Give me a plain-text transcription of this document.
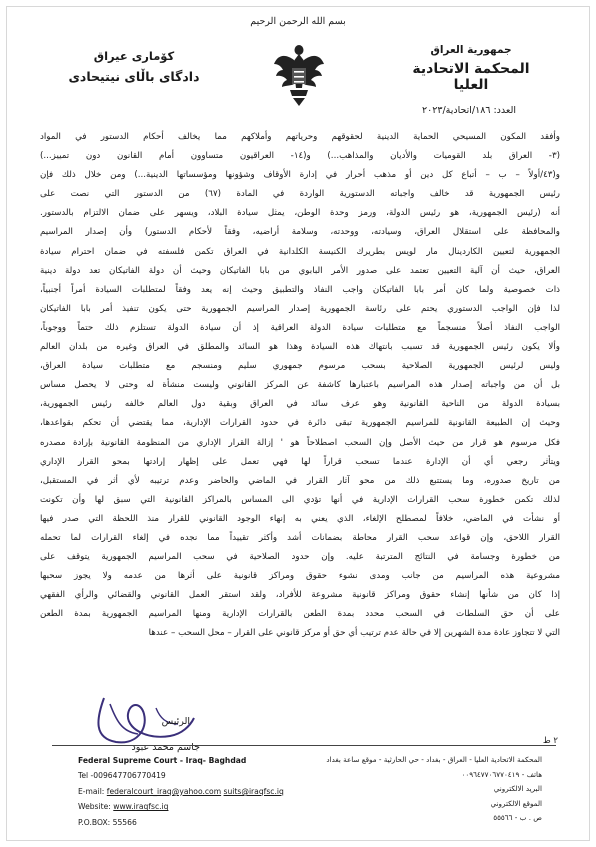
بسم الله الرحمن الرحيم
جمهورية العراق
المحكمة الاتحادية العليا
العدد: ١٨٦/اتحادية/٢٠٢٣
كۆماری عیراق
دادگای باڵای نیتیحادی

وأفقد المكون المسيحي الحماية الدينية لحقوقهم وحرياتهم وأملاكهم مما يخالف أحكام الدستور في المواد

(٣- العراق بلد القوميات والأديان والمذاهب...) و(١٤- العراقيون متساوون أمام القانون دون تمييز...)

و(٤٣/أولاً – ب – أتباع كل دين أو مذهب أحرار في إدارة الأوقاف وشؤونها ومؤسساتها الدينية...) ومن خلال ذلك فإن

رئيس الجمهورية قد خالف واجباته الدستورية الواردة في المادة (٦٧) من الدستور التي نصت على

أنه (رئيس الجمهورية، هو رئيس الدولة، ورمز وحدة الوطن، يمثل سيادة البلاد، ويسهر على ضمان الالتزام بالدستور.

والمحافظة على استقلال العراق، وسيادته، ووحدته، وسلامة أراضيه، وفقاً لأحكام الدستور) وأن إصدار المراسيم

الجمهورية لتعيين الكاردينال مار لويس بطريرك الكنيسة الكلدانية في العراق تكمن فلسفته في ضمان احترام سيادة

العراق، حيث أن آلية التعيين تعتمد على صدور الأمر البابوي من بابا الفاتيكان وحيث أن دولة الفاتيكان تعد دولة دينية

ذات خصوصية ولما كان أمر بابا الفاتيكان واجب النفاذ والتطبيق وحيث إنه يعد وفقاً لمتطلبات السيادة أمراً أجنبياً،

لذا فإن الواجب الدستوري يحتم على رئاسة الجمهورية إصدار المراسيم الجمهورية حتى يكون تنفيذ أمر بابا الفاتيكان

الواجب النفاذ أصلاً منسجماً مع متطلبات سيادة الدولة العراقية إذ أن سيادة الدولة تستلزم ذلك حتماً ووجوباً،

وألا يكون رئيس الجمهورية قد تسبب بانتهاك هذه السيادة وهذا هو السائد والمطلق في العراق وغيره من بلدان العالم

وليس لرئيس الجمهورية الصلاحية بسحب مرسوم جمهوري سليم ومنسجم مع متطلبات سيادة العراق،

بل أن من واجباته إصدار هذه المراسيم باعتبارها كاشفة عن المركز القانوني وليست منشأة له وحتى لا يحصل مساس

بسيادة الدولة من الناحية القانونية وهو عرف سائد في العراق وبقية دول العالم خالفه رئيس الجمهورية،

وحيث إن الطبيعة القانونية للمراسيم الجمهورية تبقى دائرة في حدود القرارات الإدارية، مما يقتضي أن تحكم بقواعدها،

فكل مرسوم هو قرار من حيث الأصل وإن السحب اصطلاحاً هو ' إزالة القرار الإداري من المنظومة القانونية بإرادة مصدره

ويتأثر رجعي أي أن الإدارة عندما تسحب قراراً لها فهي تعمل على إظهار إرادتها بمحو القرار الإداري

من تاريخ صدوره، وما يستتبع ذلك من محو آثار القرار في الماضي والحاضر وعدم ترتيبه لأي أثر في المستقبل،

لذلك تكمن خطورة سحب القرارات الإدارية في أنها تؤدي الى المساس بالمراكز القانونية التي سبق لها وأن تكونت

أو نشأت في الماضي، خلافاً لمصطلح الإلغاء، الذي يعني به إنهاء الوجود القانوني للقرار منذ اللحظة التي صدر فيها

القرار اللاحق، وإن قواعد سحب القرار محاطة بضمانات أشد وأكثر تقييداً مما نجده في إلغاء القرارات لما تحمله

من خطورة وجسامة في النتائج المترتبة عليه. وإن حدود الصلاحية في سحب المراسيم الجمهورية يتوقف على

مشروعية هذه المراسيم من جانب ومدى نشوء حقوق ومراكز قانونية على أثرها من عدمه ولا يجوز سحبها

إذا كان من شأنها إنشاء حقوق ومراكز قانونية مشروعة للأفراد، ولقد استقر العمل القانوني والقضائي والرأي الفقهي

على أن حق السلطات في السحب محدد بمدة الطعن بالقرارات الإدارية ومنها المراسيم الجمهورية بمدة الطعن

التي لا تتجاوز عادة مدة الشهرين إلا في حالة عدم ترتيب أي حق أو مركز قانوني على القرار – محل السحب – عندها

الرئيس
جاسم محمد عبود
٢ ط
Federal Supreme Court - Iraq- Baghdad
Tel -009647706770419
E-mail: federalcourt_iraq@yahoo.com suits@iraqfsc.iq
Website: www.iraqfsc.iq
P.O.BOX: 55566
المحكمة الاتحادية العليا - العراق - بغداد - حي الحارثية - موقع ساعة بغداد
هاتف - ٠٠٩٦٤٧٧٠٦٧٧٠٤١٩
البريد الالكتروني
الموقع الالكتروني
ص . ب - ٥٥٥٦٦
